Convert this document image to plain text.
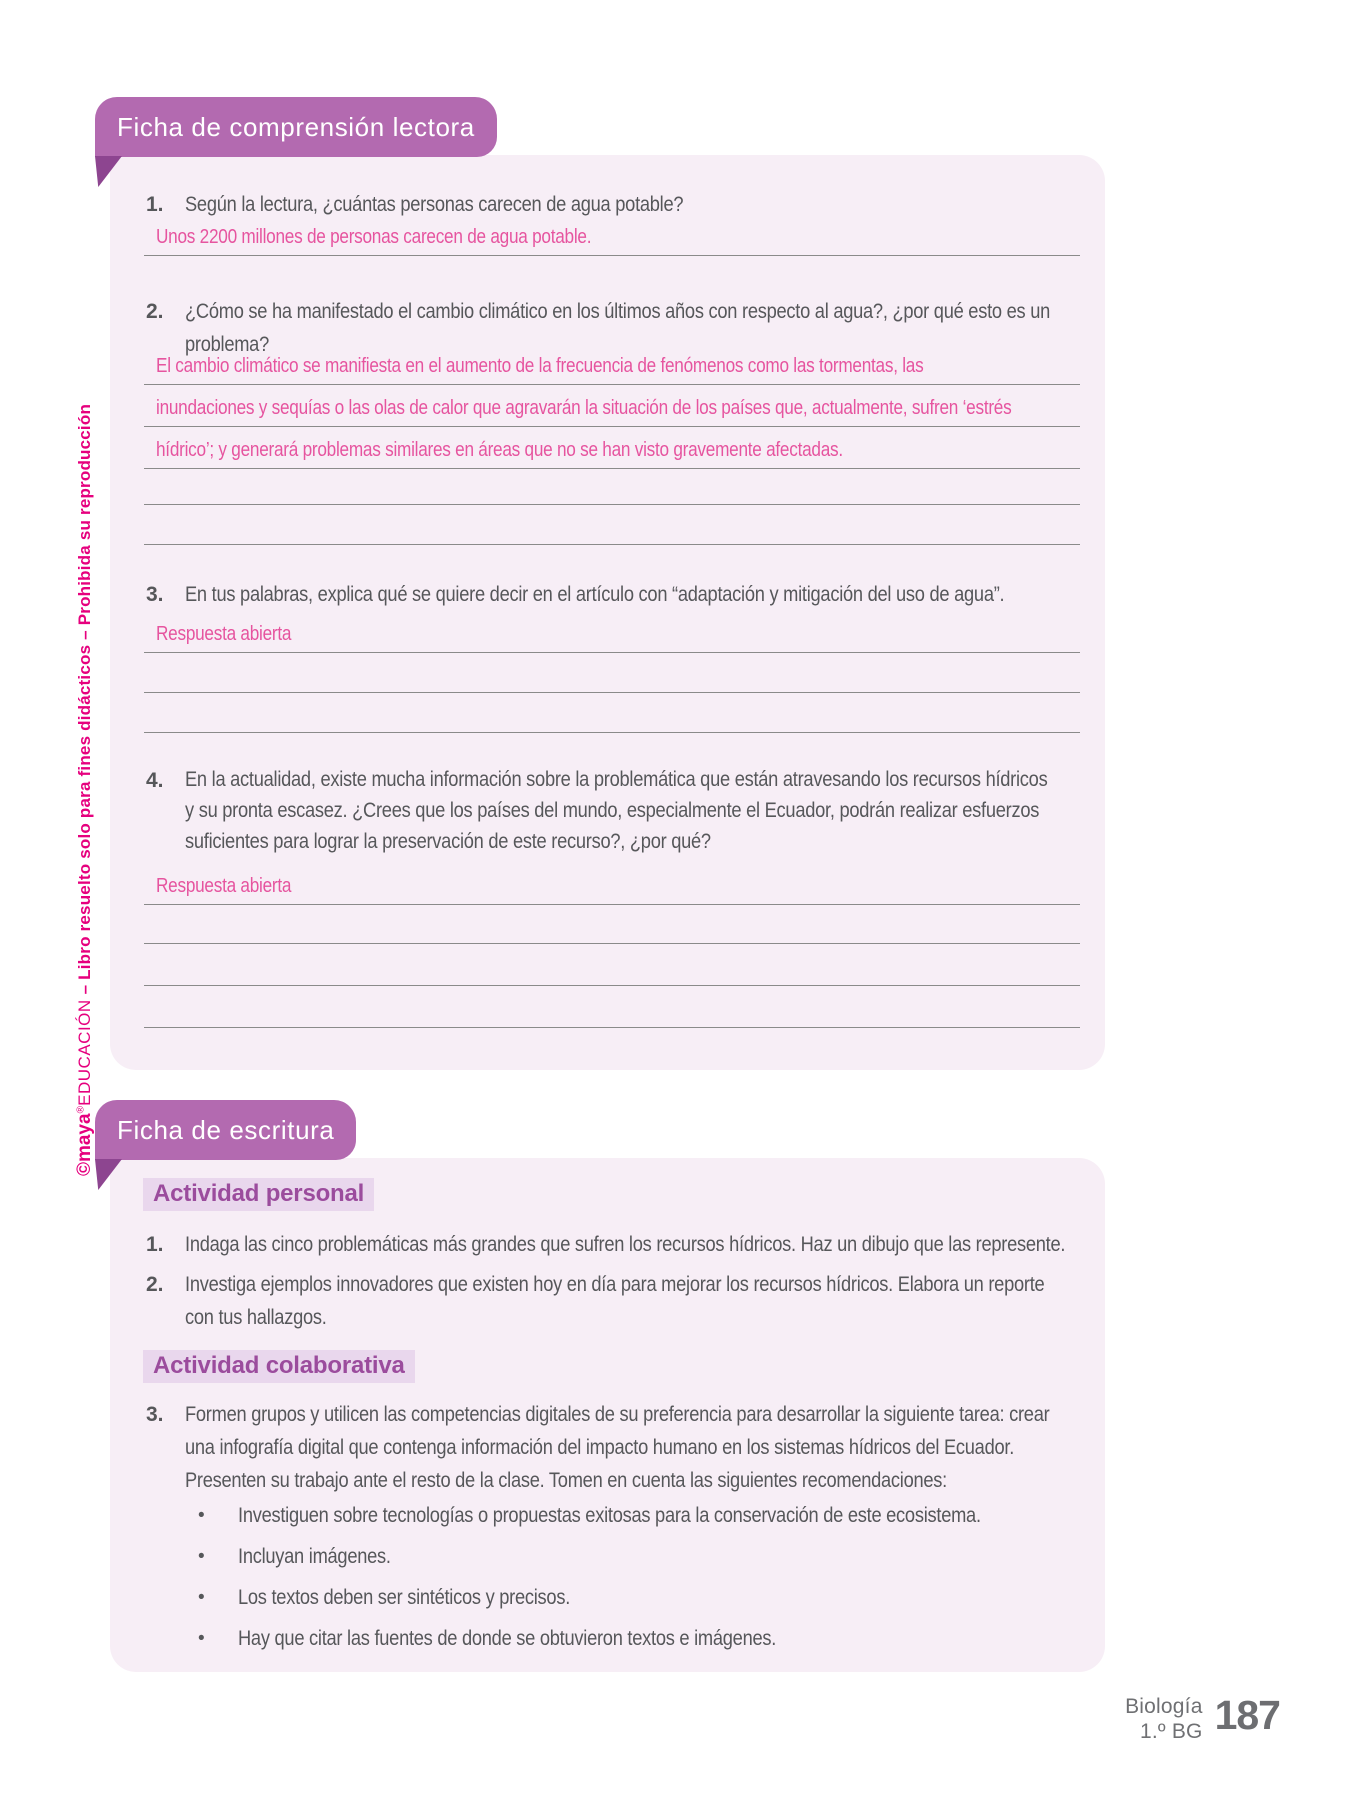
©maya®EDUCACIÓN – Libro resuelto solo para fines didácticos – Prohibida su reproducción
Ficha de comprensión lectora
1. Según la lectura, ¿cuántas personas carecen de agua potable?
Unos 2200 millones de personas carecen de agua potable.
2. ¿Cómo se ha manifestado el cambio climático en los últimos años con respecto al agua?, ¿por qué esto es un problema?
El cambio climático se manifiesta en el aumento de la frecuencia de fenómenos como las tormentas, las
inundaciones y sequías o las olas de calor que agravarán la situación de los países que, actualmente, sufren ‘estrés
hídrico’; y generará problemas similares en áreas que no se han visto gravemente afectadas.
3. En tus palabras, explica qué se quiere decir en el artículo con “adaptación y mitigación del uso de agua”.
Respuesta abierta
4. En la actualidad, existe mucha información sobre la problemática que están atravesando los recursos hídricos y su pronta escasez. ¿Crees que los países del mundo, especialmente el Ecuador, podrán realizar esfuerzos suficientes para lograr la preservación de este recurso?, ¿por qué?
Respuesta abierta
Ficha de escritura
Actividad personal
1. Indaga las cinco problemáticas más grandes que sufren los recursos hídricos. Haz un dibujo que las represente.
2. Investiga ejemplos innovadores que existen hoy en día para mejorar los recursos hídricos. Elabora un reporte con tus hallazgos.
Actividad colaborativa
3. Formen grupos y utilicen las competencias digitales de su preferencia para desarrollar la siguiente tarea: crear una infografía digital que contenga información del impacto humano en los sistemas hídricos del Ecuador. Presenten su trabajo ante el resto de la clase. Tomen en cuenta las siguientes recomendaciones:
• Investiguen sobre tecnologías o propuestas exitosas para la conservación de este ecosistema.
• Incluyan imágenes.
• Los textos deben ser sintéticos y precisos.
• Hay que citar las fuentes de donde se obtuvieron textos e imágenes.
Biología
1.º BG 187
